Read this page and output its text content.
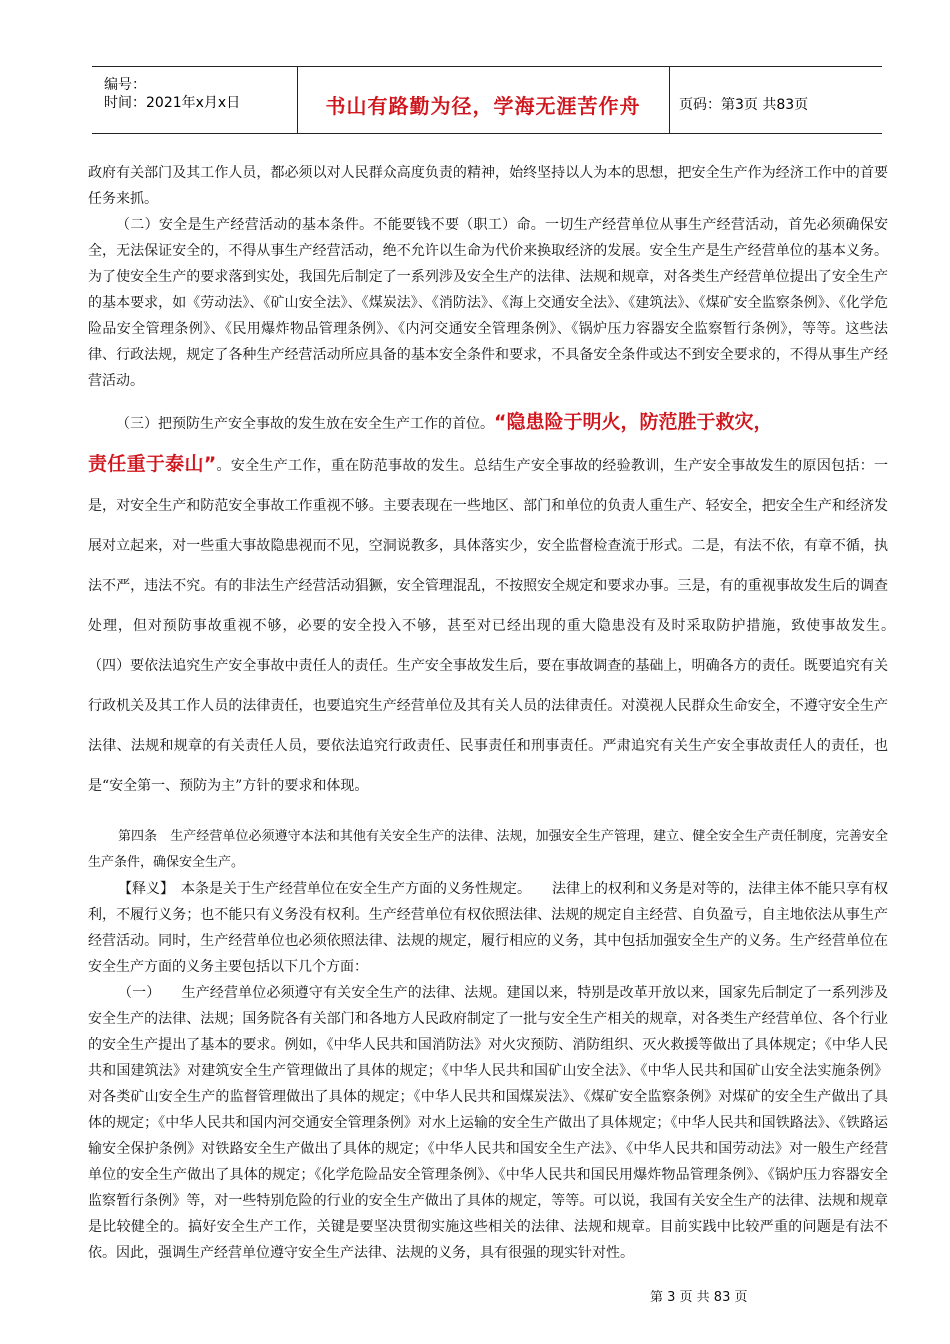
编号：
时间：2021年x月x日	书山有路勤为径，学海无涯苦作舟	页码：第3页 共83页

政府有关部门及其工作人员，都必须以对人民群众高度负责的精神，始终坚持以人为本的思想，把安全生产作为经济工作中的首要任务来抓。

（二）安全是生产经营活动的基本条件。不能要钱不要（职工）命。一切生产经营单位从事生产经营活动，首先必须确保安全，无法保证安全的，不得从事生产经营活动，绝不允许以生命为代价来换取经济的发展。安全生产是生产经营单位的基本义务。为了使安全生产的要求落到实处，我国先后制定了一系列涉及安全生产的法律、法规和规章，对各类生产经营单位提出了安全生产的基本要求，如《劳动法》、《矿山安全法》、《煤炭法》、《消防法》、《海上交通安全法》、《建筑法》、《煤矿安全监察条例》、《化学危险品安全管理条例》、《民用爆炸物品管理条例》、《内河交通安全管理条例》、《锅炉压力容器安全监察暂行条例》，等等。这些法律、行政法规，规定了各种生产经营活动所应具备的基本安全条件和要求，不具备安全条件或达不到安全要求的，不得从事生产经营活动。

（三）把预防生产安全事故的发生放在安全生产工作的首位。“隐患险于明火，防范胜于救灾，
责任重于泰山”。安全生产工作，重在防范事故的发生。总结生产安全事故的经验教训，生产安全事故发生的原因包括：一是，对安全生产和防范安全事故工作重视不够。主要表现在一些地区、部门和单位的负责人重生产、轻安全，把安全生产和经济发展对立起来，对一些重大事故隐患视而不见，空洞说教多，具体落实少，安全监督检查流于形式。二是，有法不依，有章不循，执法不严，违法不究。有的非法生产经营活动猖獗，安全管理混乱，不按照安全规定和要求办事。三是，有的重视事故发生后的调查处理，但对预防事故重视不够，必要的安全投入不够，甚至对已经出现的重大隐患没有及时采取防护措施，致使事故发生。　　　（四）要依法追究生产安全事故中责任人的责任。生产安全事故发生后，要在事故调查的基础上，明确各方的责任。既要追究有关行政机关及其工作人员的法律责任，也要追究生产经营单位及其有关人员的法律责任。对漠视人民群众生命安全，不遵守安全生产法律、法规和规章的有关责任人员，要依法追究行政责任、民事责任和刑事责任。严肃追究有关生产安全事故责任人的责任，也是“安全第一、预防为主”方针的要求和体现。

第四条　生产经营单位必须遵守本法和其他有关安全生产的法律、法规，加强安全生产管理，建立、健全安全生产责任制度，完善安全生产条件，确保安全生产。

【释义】　本条是关于生产经营单位在安全生产方面的义务性规定。　　法律上的权利和义务是对等的，法律主体不能只享有权利，不履行义务；也不能只有义务没有权利。生产经营单位有权依照法律、法规的规定自主经营、自负盈亏，自主地依法从事生产经营活动。同时，生产经营单位也必须依照法律、法规的规定，履行相应的义务，其中包括加强安全生产的义务。生产经营单位在安全生产方面的义务主要包括以下几个方面：

（一）　　生产经营单位必须遵守有关安全生产的法律、法规。建国以来，特别是改革开放以来，国家先后制定了一系列涉及安全生产的法律、法规；国务院各有关部门和各地方人民政府制定了一批与安全生产相关的规章，对各类生产经营单位、各个行业的安全生产提出了基本的要求。例如，《中华人民共和国消防法》对火灾预防、消防组织、灭火救援等做出了具体规定；《中华人民共和国建筑法》对建筑安全生产管理做出了具体的规定；《中华人民共和国矿山安全法》、《中华人民共和国矿山安全法实施条例》对各类矿山安全生产的监督管理做出了具体的规定；《中华人民共和国煤炭法》、《煤矿安全监察条例》对煤矿的安全生产做出了具体的规定；《中华人民共和国内河交通安全管理条例》对水上运输的安全生产做出了具体规定；《中华人民共和国铁路法》、《铁路运输安全保护条例》对铁路安全生产做出了具体的规定；《中华人民共和国安全生产法》、《中华人民共和国劳动法》对一般生产经营单位的安全生产做出了具体的规定；《化学危险品安全管理条例》、《中华人民共和国民用爆炸物品管理条例》、《锅炉压力容器安全监察暂行条例》等，对一些特别危险的行业的安全生产做出了具体的规定，等等。可以说，我国有关安全生产的法律、法规和规章是比较健全的。搞好安全生产工作，关键是要坚决贯彻实施这些相关的法律、法规和规章。目前实践中比较严重的问题是有法不依。因此，强调生产经营单位遵守安全生产法律、法规的义务，具有很强的现实针对性。

第 3 页 共 83 页
